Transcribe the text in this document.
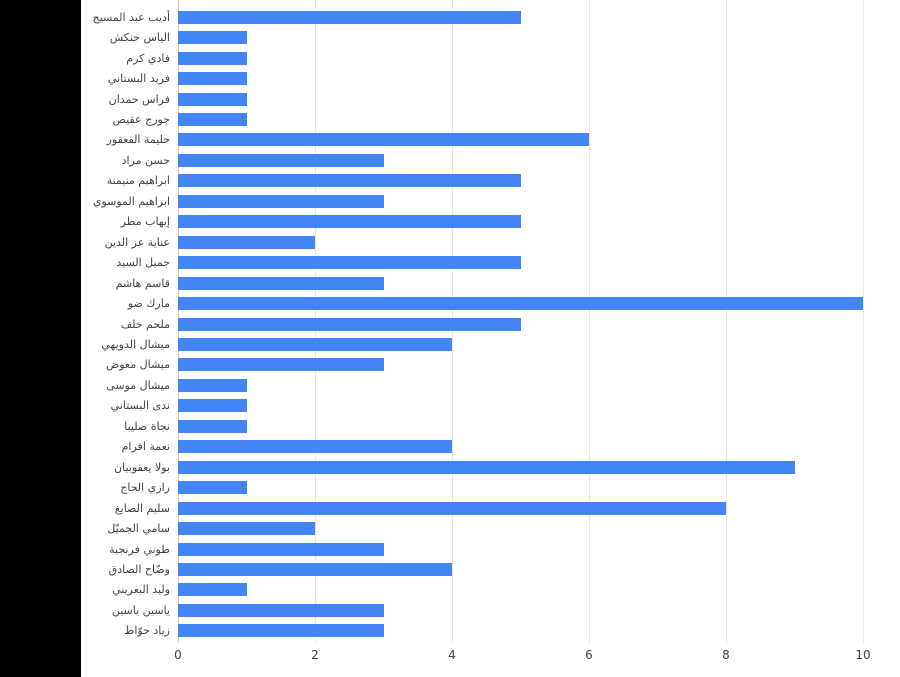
أديب عبد المسيح
الياس حنكش
فادي كرم
فريد البستاني
فراس حمدان
جورج عقيص
حليمة القعقور
حسن مراد
ابراهيم منيمنة
ابراهيم الموسوي
إيهاب مطر
عناية عز الدين
جميل السيد
قاسم هاشم
مارك ضو
ملحم خلف
ميشال الدويهي
ميشال معوض
ميشال موسى
ندى البستاني
نجاة صليبا
نعمة افرام
بولا يعقوبيان
رازي الحاج
سليم الصايغ
سامي الجميّل
طوني فرنجية
وضّاح الصادق
وليد البعريني
ياسين ياسين
زياد حوّاط
0	2	4	6	8	10
